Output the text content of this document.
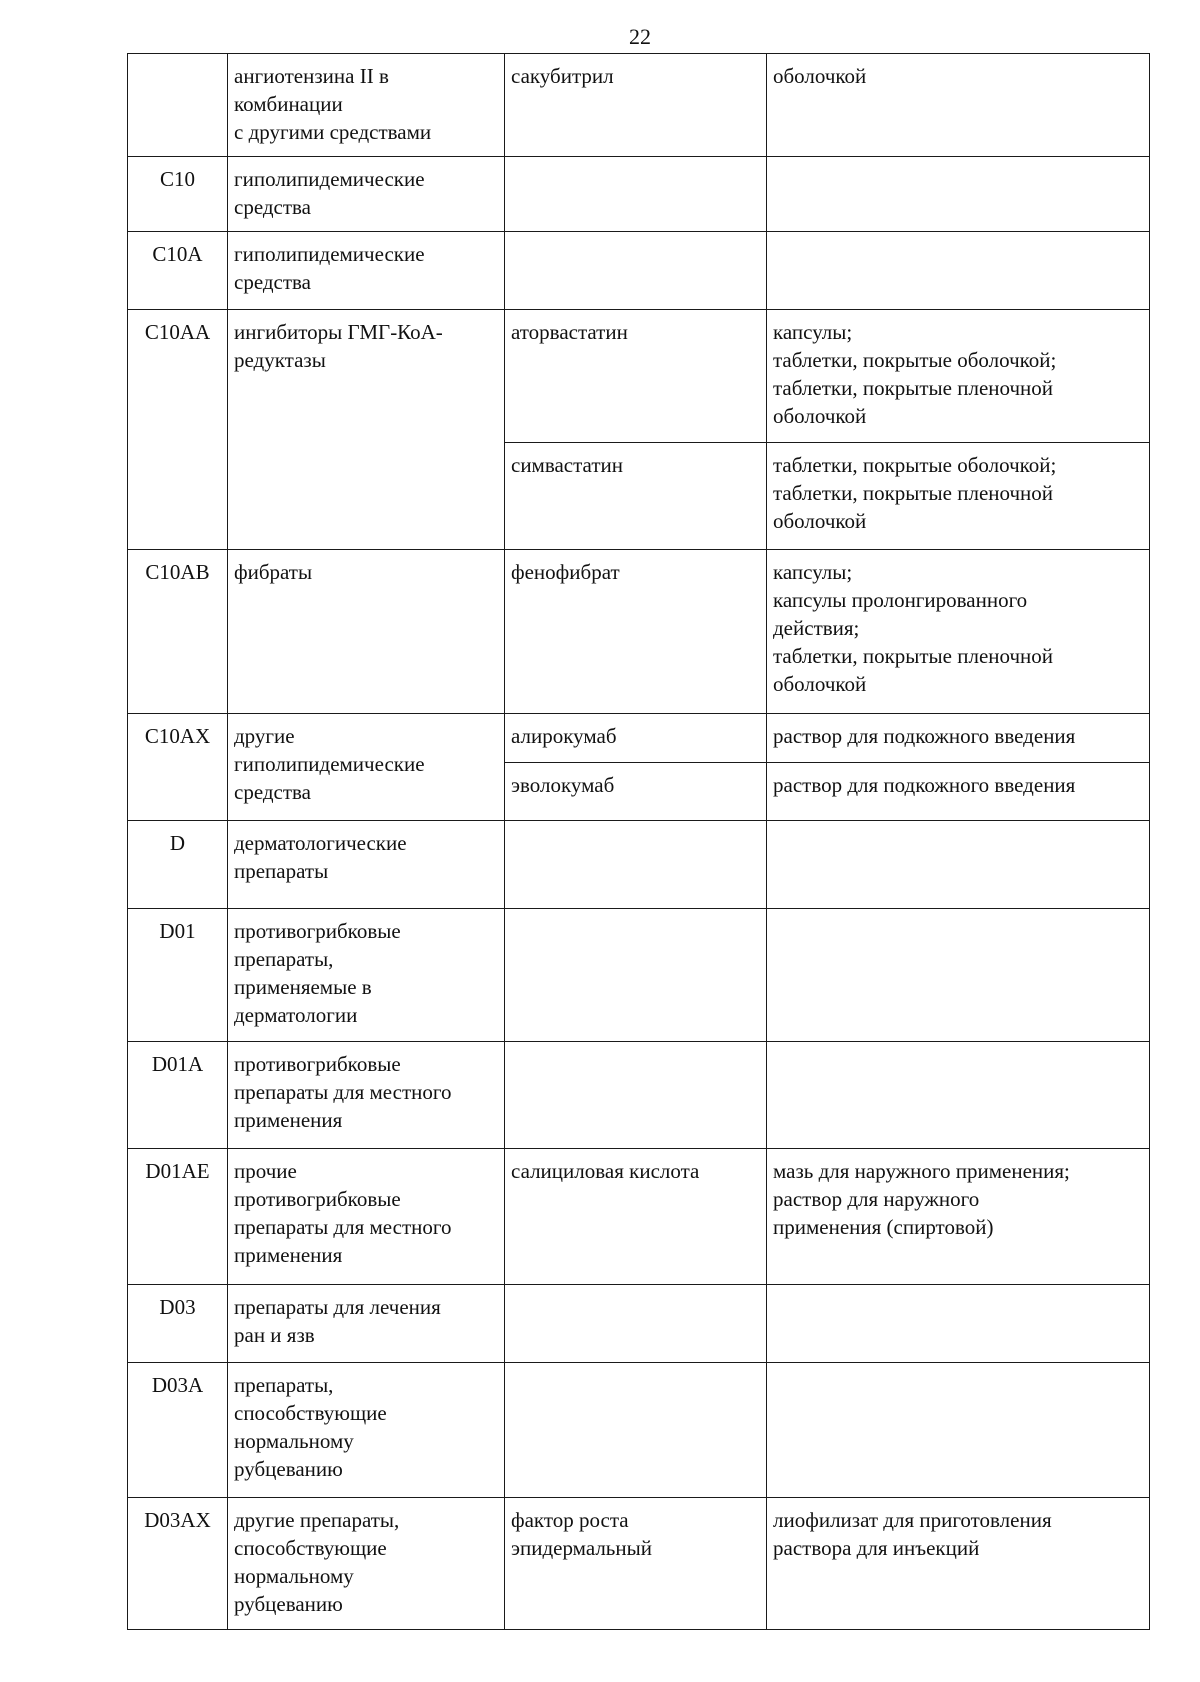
22
	ангиотензина II в
комбинации
с другими средствами	сакубитрил	оболочкой
C10	гиполипидемические
средства		
C10A	гиполипидемические
средства		
C10AA	ингибиторы ГМГ-КоА-
редуктазы	аторвастатин	капсулы;
таблетки, покрытые оболочкой;
таблетки, покрытые пленочной
оболочкой
		симвастатин	таблетки, покрытые оболочкой;
таблетки, покрытые пленочной
оболочкой
C10AB	фибраты	фенофибрат	капсулы;
капсулы пролонгированного
действия;
таблетки, покрытые пленочной
оболочкой
C10AX	другие
гиполипидемические
средства	алирокумаб	раствор для подкожного введения
		эволокумаб	раствор для подкожного введения
D	дерматологические
препараты		
D01	противогрибковые
препараты,
применяемые в
дерматологии		
D01A	противогрибковые
препараты для местного
применения		
D01AE	прочие
противогрибковые
препараты для местного
применения	салициловая кислота	мазь для наружного применения;
раствор для наружного
применения (спиртовой)
D03	препараты для лечения
ран и язв		
D03A	препараты,
способствующие
нормальному
рубцеванию		
D03AX	другие препараты,
способствующие
нормальному
рубцеванию	фактор роста
эпидермальный	лиофилизат для приготовления
раствора для инъекций
